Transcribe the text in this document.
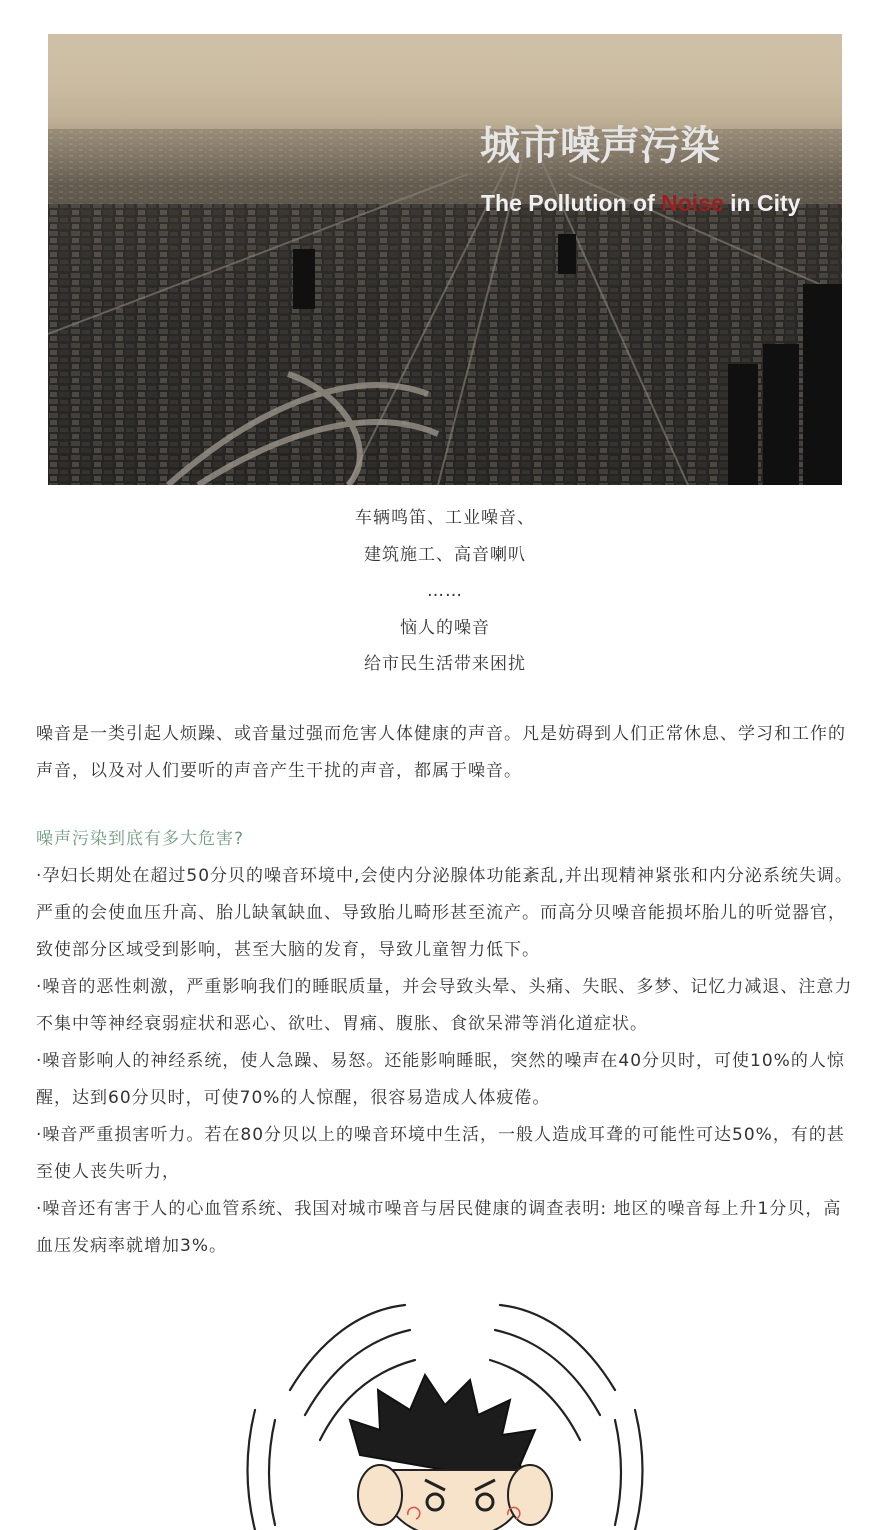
城市噪声污染
The Pollution of Noise in City
车辆鸣笛、工业噪音、
建筑施工、高音喇叭
……
恼人的噪音
给市民生活带来困扰
噪音是一类引起人烦躁、或音量过强而危害人体健康的声音。凡是妨碍到人们正常休息、学习和工作的声音，以及对人们要听的声音产生干扰的声音，都属于噪音。
噪声污染到底有多大危害?

·孕妇长期处在超过50分贝的噪音环境中,会使内分泌腺体功能紊乱,并出现精神紧张和内分泌系统失调。严重的会使血压升高、胎儿缺氧缺血、导致胎儿畸形甚至流产。而高分贝噪音能损坏胎儿的听觉器官，致使部分区域受到影响，甚至大脑的发育，导致儿童智力低下。

·噪音的恶性刺激，严重影响我们的睡眠质量，并会导致头晕、头痛、失眠、多梦、记忆力减退、注意力不集中等神经衰弱症状和恶心、欲吐、胃痛、腹胀、食欲呆滞等消化道症状。

·噪音影响人的神经系统，使人急躁、易怒。还能影响睡眠，突然的噪声在40分贝时，可使10%的人惊醒，达到60分贝时，可使70%的人惊醒，很容易造成人体疲倦。

·噪音严重损害听力。若在80分贝以上的噪音环境中生活，一般人造成耳聋的可能性可达50%，有的甚至使人丧失听力，

·噪音还有害于人的心血管系统、我国对城市噪音与居民健康的调查表明: 地区的噪音每上升1分贝，高血压发病率就增加3%。
